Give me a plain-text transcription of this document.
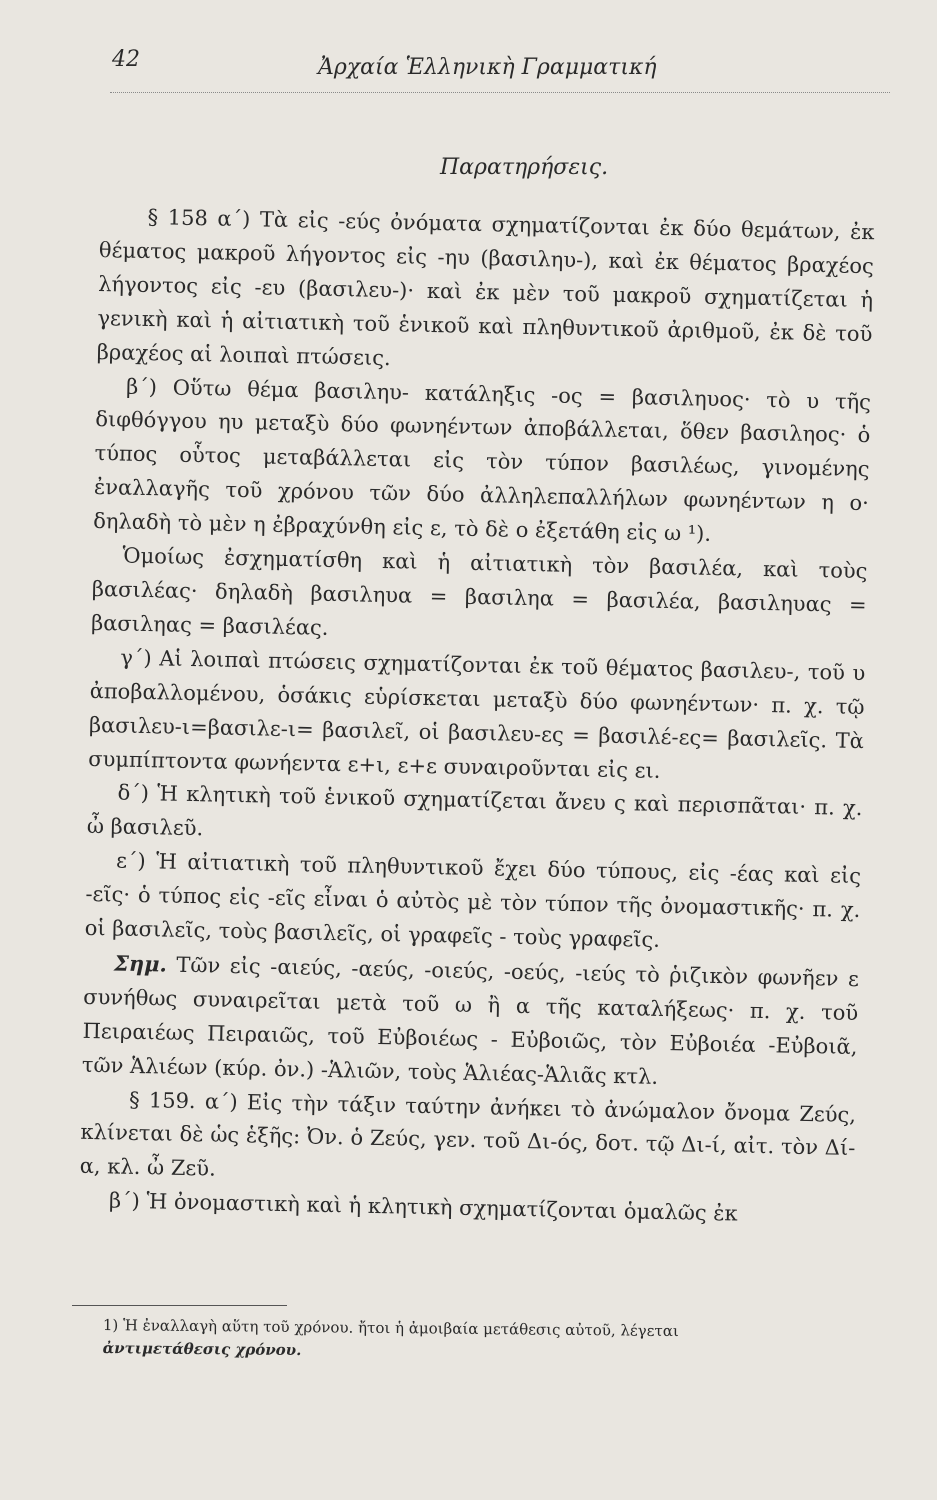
42	Ἀρχαία Ἑλληνικὴ Γραμματική
Παρατηρήσεις.

§ 158 α΄) Τὰ εἰς -εύς ὀνόματα σχηματίζονται ἐκ δύο θεμάτων, ἐκ θέματος μακροῦ λήγοντος εἰς -ηυ (βασιληυ-), καὶ ἐκ θέματος βραχέος λήγοντος εἰς -ευ (βασιλευ-)· καὶ ἐκ μὲν τοῦ μακροῦ σχηματίζεται ἡ γενικὴ καὶ ἡ αἰτιατικὴ τοῦ ἑνικοῦ καὶ πληθυντικοῦ ἀριθμοῦ, ἐκ δὲ τοῦ βραχέος αἱ λοιπαὶ πτώσεις.

β΄) Οὕτω θέμα βασιληυ- κατάληξις -ος = βασιληυος· τὸ υ τῆς διφθόγγου ηυ μεταξὺ δύο φωνηέντων ἀποβάλλεται, ὅθεν βασιληος· ὁ τύπος οὗτος μεταβάλλεται εἰς τὸν τύπον βασιλέως, γινομένης ἐναλλαγῆς τοῦ χρόνου τῶν δύο ἀλληλεπαλλήλων φωνηέντων η ο· δηλαδὴ τὸ μὲν η ἐβραχύνθη εἰς ε, τὸ δὲ ο ἐξετάθη εἰς ω ¹).

Ὁμοίως ἐσχηματίσθη καὶ ἡ αἰτιατικὴ τὸν βασιλέα, καὶ τοὺς βασιλέας· δηλαδὴ βασιληυα = βασιληα = βασιλέα, βασιληυας = βασιληας = βασιλέας.

γ΄) Αἱ λοιπαὶ πτώσεις σχηματίζονται ἐκ τοῦ θέματος βασιλευ-, τοῦ υ ἀποβαλλομένου, ὁσάκις εὑρίσκεται μεταξὺ δύο φωνηέντων· π. χ. τῷ βασιλευ-ι=βασιλε-ι= βασιλεῖ, οἱ βασιλευ-ες = βασιλέ-ες= βασιλεῖς. Τὰ συμπίπτοντα φωνήεντα ε+ι, ε+ε συναιροῦνται εἰς ει.

δ΄) Ἡ κλητικὴ τοῦ ἑνικοῦ σχηματίζεται ἄνευ ς καὶ περισπᾶται· π. χ. ὦ βασιλεῦ.

ε΄) Ἡ αἰτιατικὴ τοῦ πληθυντικοῦ ἔχει δύο τύπους, εἰς -έας καὶ εἰς -εῖς· ὁ τύπος εἰς -εῖς εἶναι ὁ αὐτὸς μὲ τὸν τύπον τῆς ὀνομαστικῆς· π. χ. οἱ βασιλεῖς, τοὺς βασιλεῖς, οἱ γραφεῖς - τοὺς γραφεῖς.

Σημ. Τῶν εἰς -αιεύς, -αεύς, -οιεύς, -οεύς, -ιεύς τὸ ῥιζικὸν φωνῆεν ε συνήθως συναιρεῖται μετὰ τοῦ ω ἢ α τῆς καταλήξεως· π. χ. τοῦ Πειραιέως Πειραιῶς, τοῦ Εὐβοιέως - Εὐβοιῶς, τὸν Εὐβοιέα -Εὐβοιᾶ, τῶν Ἁλιέων (κύρ. ὀν.) -Ἁλιῶν, τοὺς Ἁλιέας-Ἁλιᾶς κτλ.

§ 159. α΄) Εἰς τὴν τάξιν ταύτην ἀνήκει τὸ ἀνώμαλον ὄνομα Ζεύς, κλίνεται δὲ ὡς ἑξῆς: Ὀν. ὁ Ζεύς, γεν. τοῦ Δι-ός, δοτ. τῷ Δι-ί, αἰτ. τὸν Δί-α, κλ. ὦ Ζεῦ.

β΄) Ἡ ὀνομαστικὴ καὶ ἡ κλητικὴ σχηματίζονται ὁμαλῶς ἐκ

1) Ἡ ἐναλλαγὴ αὕτη τοῦ χρόνου. ἤτοι ἡ ἀμοιβαία μετάθεσις αὐτοῦ, λέγεται

ἀντιμετάθεσις χρόνου.
